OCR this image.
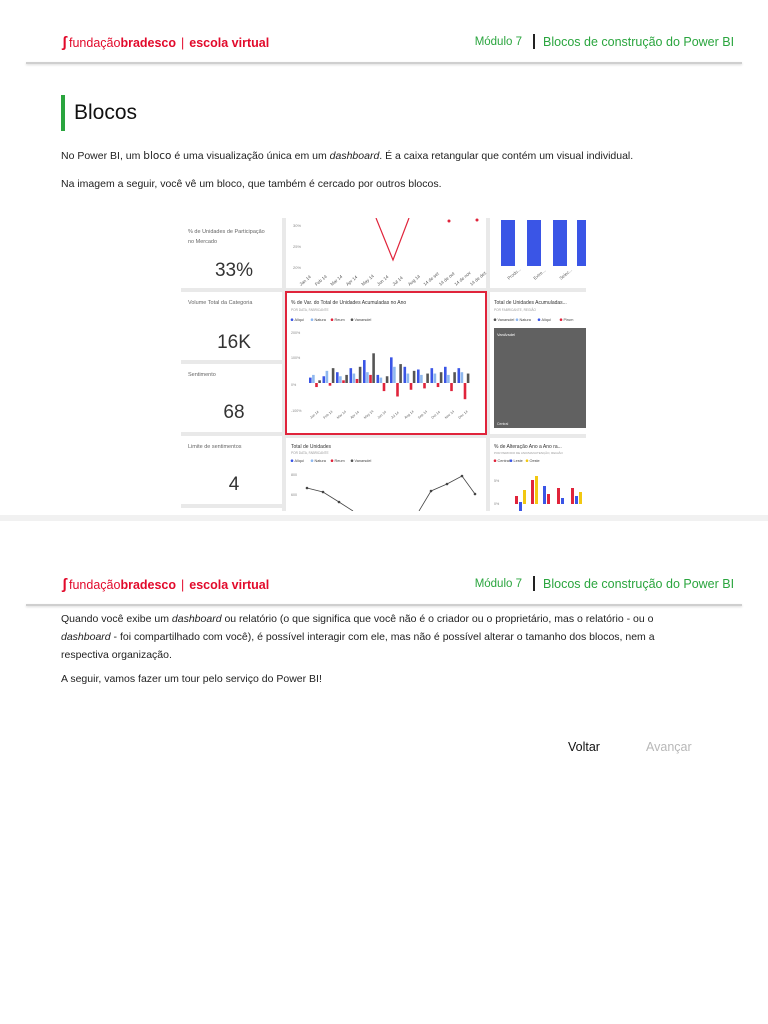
ʃ fundação bradesco | escola virtual	Módulo 7 Blocos de construção do Power BI
Blocos

No Power BI, um bloco é uma visualização única em um dashboard. É a caixa retangular que contém um visual individual.

Na imagem a seguir, você vê um bloco, que também é cercado por outros blocos.

% de Unidades de Participação
no Mercado
33%
Volume Total da Categoria
16K
Sentimento
68
Limite de sentimentos
4
30%
25%
20%
Jan 14 Feb 14 Mar 14 Apr 14 May 14 Jun 14 Jul 14 Aug 14 14 de set
14 de out
14 de nov
14 de dez	Produ... Extre...	Selec...
% de Var. do Total de Unidades Acumuladas no Ano
POR DATA, FABRICANTE
Aliqui	Natura Reum	Vanarsdel
200%
100%
0%
-100% Jan 14 Feb 14 Mar 14 Apr 14 May 14 Jun 14 Jul 14 Aug 14 Sep 14 Oct 14 Nov 14 Dec 14
Total de Unidades Acumuladas...
POR FABRICANTE, REGIÃO
Vanarsdel Natura	Aliqui	Pirum
VanArsdel
Central
Total de Unidades
POR DATA, FABRICANTE
Aliqui	Natura Reum	Vanarsdel
800
600
% de Alteração Ano a Ano ra...
POR PERIODO DE ANO/MANUTENÇÃO, REGIÃO
Central Leste Oeste
5%
0%
ʃ fundação bradesco | escola virtual	Módulo 7 Blocos de construção do Power BI

Quando você exibe um dashboard ou relatório (o que significa que você não é o criador ou o proprietário, mas o relatório - ou o dashboard - foi compartilhado com você), é possível interagir com ele, mas não é possível alterar o tamanho dos blocos, nem a respectiva organização.

A seguir, vamos fazer um tour pelo serviço do Power BI!

Voltar	Avançar
